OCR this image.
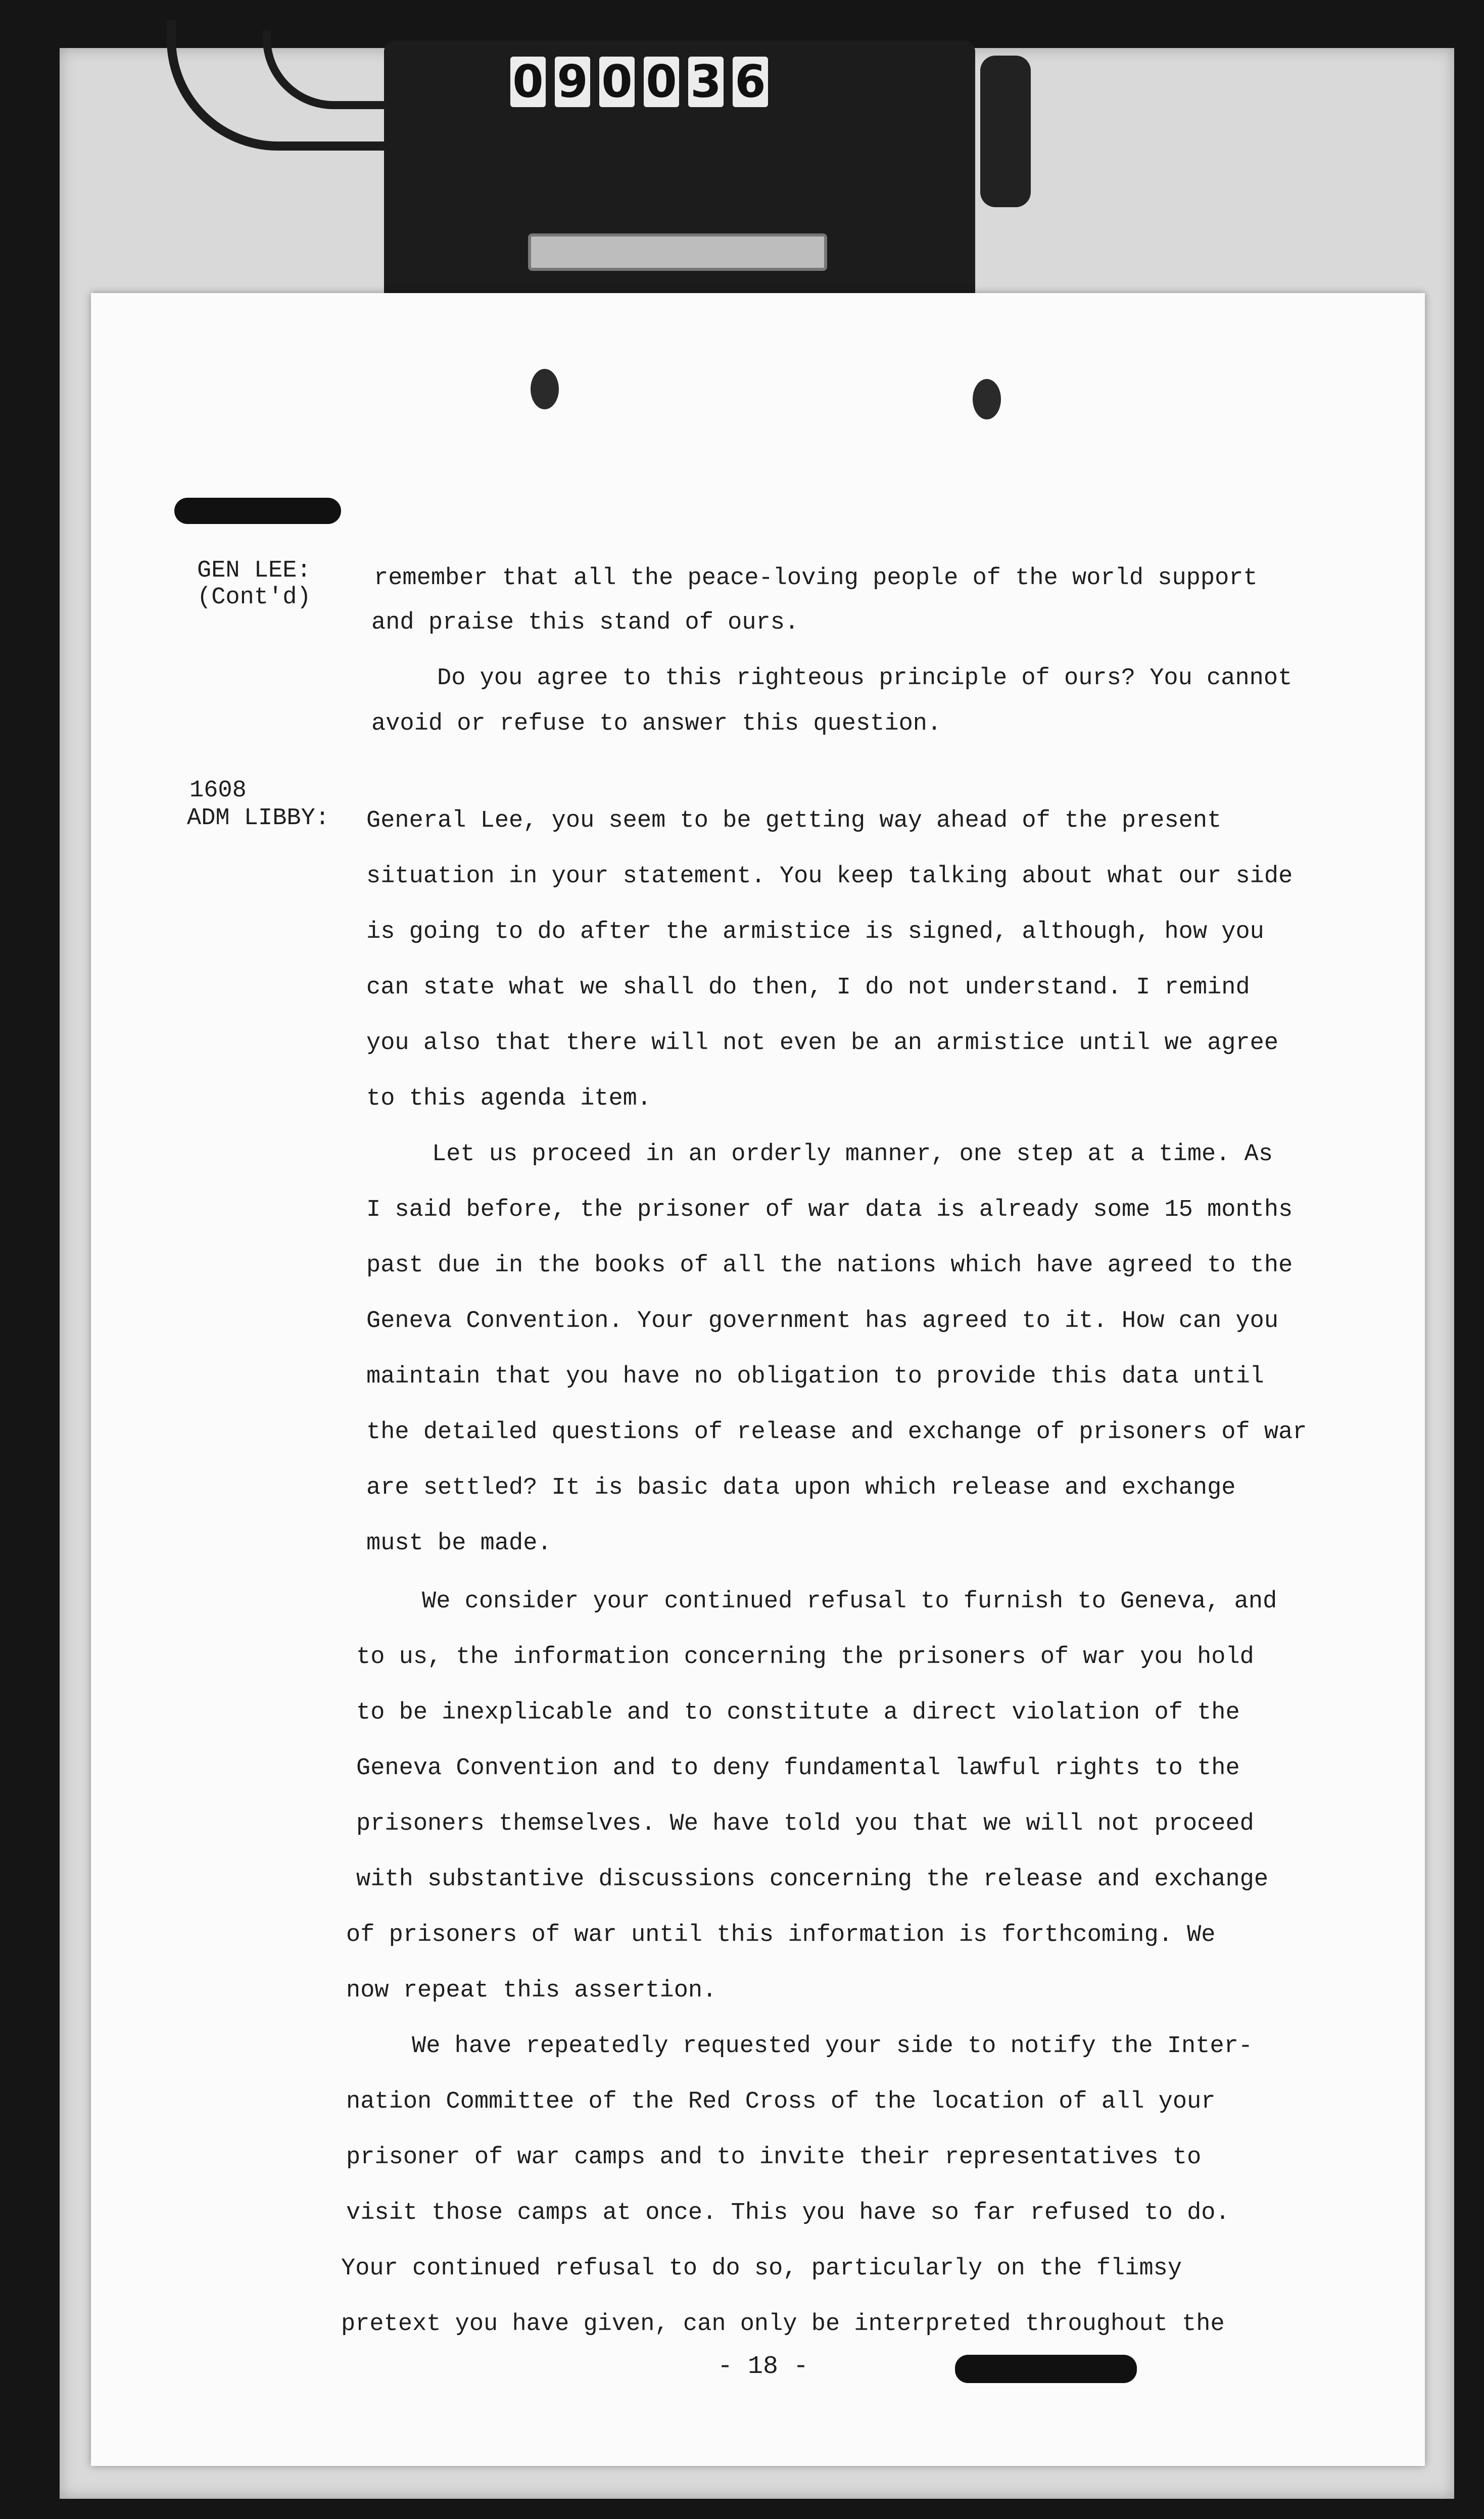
0 9 0 0 3 6
GEN LEE:
(Cont'd)
1608
ADM LIBBY:
remember that all the peace-loving people of the world support
and praise this stand of ours.
Do you agree to this righteous principle of ours? You cannot
avoid or refuse to answer this question.
General Lee, you seem to be getting way ahead of the present
situation in your statement. You keep talking about what our side
is going to do after the armistice is signed, although, how you
can state what we shall do then, I do not understand. I remind
you also that there will not even be an armistice until we agree
to this agenda item.
Let us proceed in an orderly manner, one step at a time. As
I said before, the prisoner of war data is already some 15 months
past due in the books of all the nations which have agreed to the
Geneva Convention. Your government has agreed to it. How can you
maintain that you have no obligation to provide this data until
the detailed questions of release and exchange of prisoners of war
are settled? It is basic data upon which release and exchange
must be made.
We consider your continued refusal to furnish to Geneva, and
to us, the information concerning the prisoners of war you hold
to be inexplicable and to constitute a direct violation of the
Geneva Convention and to deny fundamental lawful rights to the
prisoners themselves. We have told you that we will not proceed
with substantive discussions concerning the release and exchange
of prisoners of war until this information is forthcoming. We
now repeat this assertion.
We have repeatedly requested your side to notify the Inter-
nation Committee of the Red Cross of the location of all your
prisoner of war camps and to invite their representatives to
visit those camps at once. This you have so far refused to do.
Your continued refusal to do so, particularly on the flimsy
pretext you have given, can only be interpreted throughout the
- 18 -
